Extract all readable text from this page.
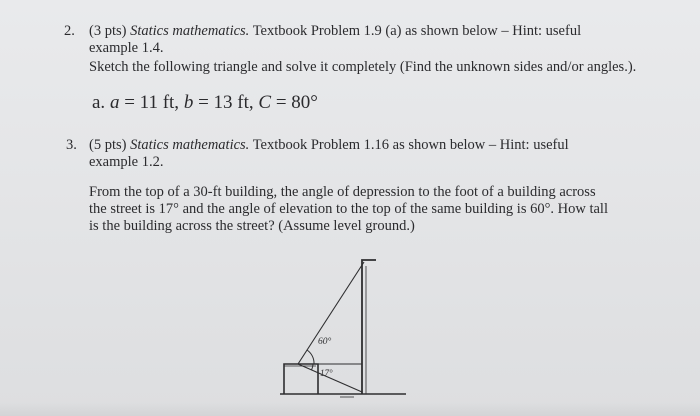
2. (3 pts) Statics mathematics. Textbook Problem 1.9 (a) as shown below – Hint: useful
example 1.4.
Sketch the following triangle and solve it completely (Find the unknown sides and/or angles.).
a. a = 11 ft, b = 13 ft, C = 80°
3. (5 pts) Statics mathematics. Textbook Problem 1.16 as shown below – Hint: useful
example 1.2.
From the top of a 30-ft building, the angle of depression to the foot of a building across
the street is 17° and the angle of elevation to the top of the same building is 60°. How tall
is the building across the street? (Assume level ground.)
60°
17°
